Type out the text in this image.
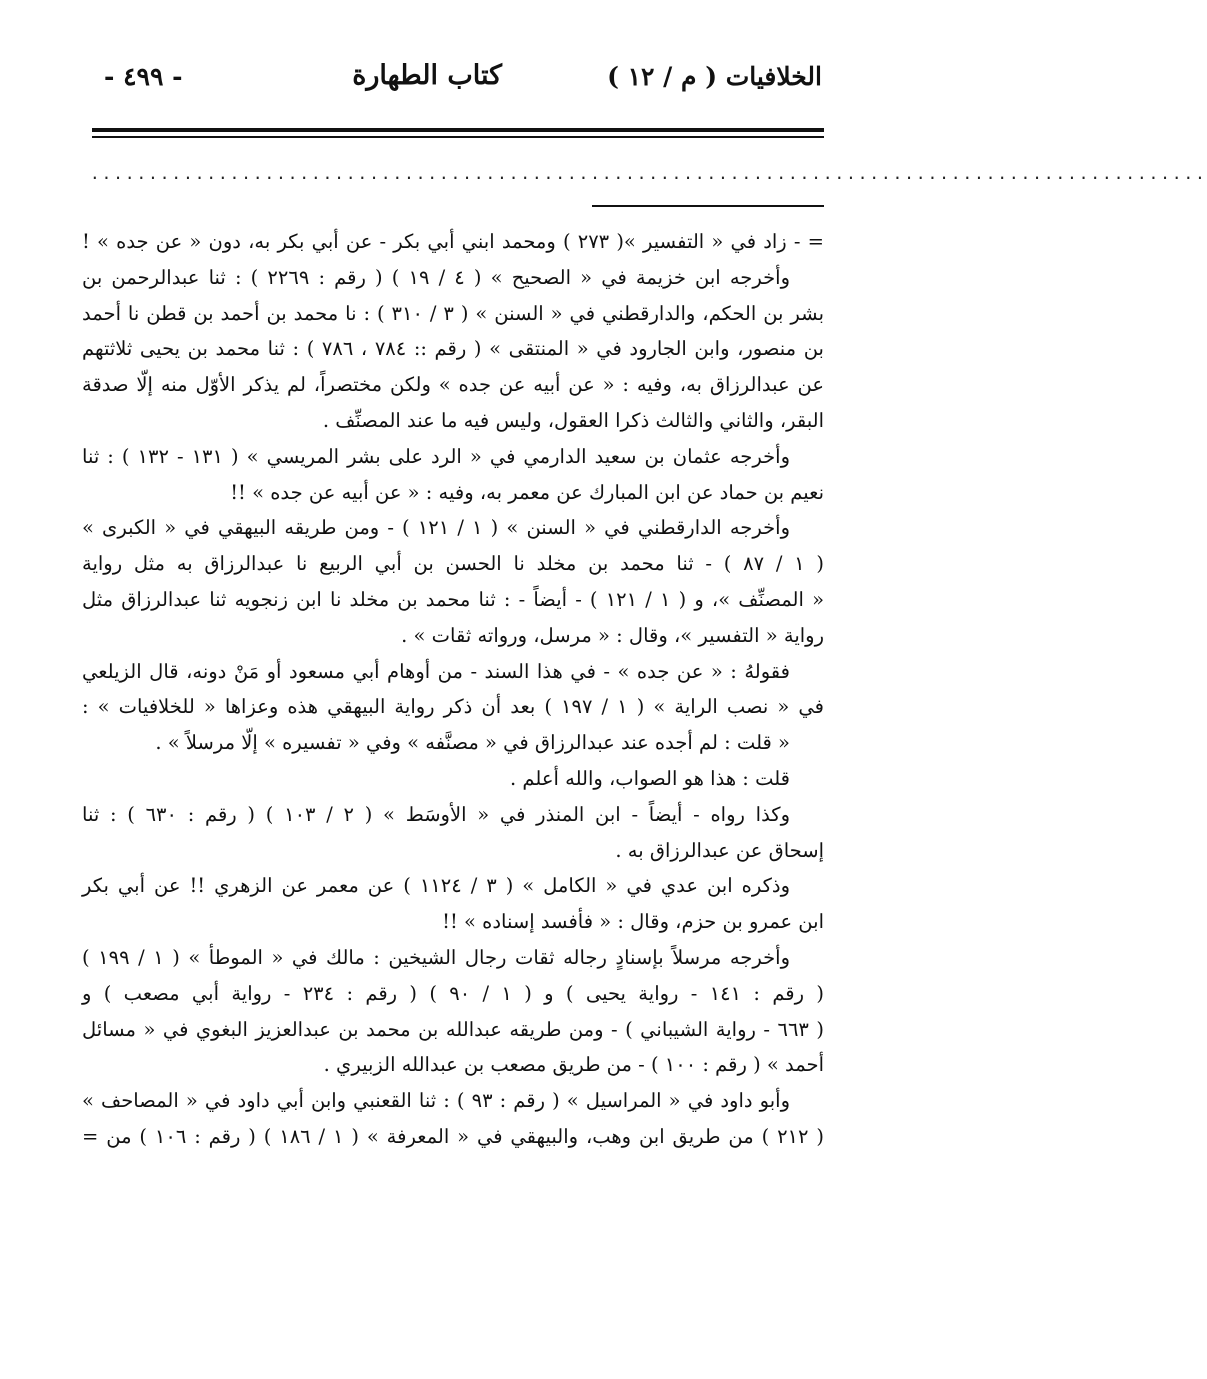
الخلافيات ( م / ١٢ )
كتاب الطهارة
- ٤٩٩ -
................................................................................................
= - زاد في « التفسير »( ٢٧٣ ) ومحمد ابني أبي بكر - عن أبي بكر به، دون « عن جده » !
وأخرجه ابن خزيمة في « الصحيح » ( ٤ / ١٩ ) ( رقم : ٢٢٦٩ ) : ثنا عبدالرحمن بن
بشر بن الحكم، والدارقطني في « السنن » ( ٣ / ٣١٠ ) : نا محمد بن أحمد بن قطن نا أحمد
بن منصور، وابن الجارود في « المنتقى » ( رقم :: ٧٨٤ ، ٧٨٦ ) : ثنا محمد بن يحيى ثلاثتهم
عن عبدالرزاق به، وفيه : « عن أبيه عن جده » ولكن مختصراً، لم يذكر الأوّل منه إلّا صدقة
البقر، والثاني والثالث ذكرا العقول، وليس فيه ما عند المصنِّف .
وأخرجه عثمان بن سعيد الدارمي في « الرد على بشر المريسي » ( ١٣١ - ١٣٢ ) : ثنا
نعيم بن حماد عن ابن المبارك عن معمر به، وفيه : « عن أبيه عن جده » !!
وأخرجه الدارقطني في « السنن » ( ١ / ١٢١ ) - ومن طريقه البيهقي في « الكبرى »
( ١ / ٨٧ ) - ثنا محمد بن مخلد نا الحسن بن أبي الربيع نا عبدالرزاق به مثل رواية
« المصنِّف »، و ( ١ / ١٢١ ) - أيضاً - : ثنا محمد بن مخلد نا ابن زنجويه ثنا عبدالرزاق مثل
رواية « التفسير »، وقال : « مرسل، ورواته ثقات » .
فقولهُ : « عن جده » - في هذا السند - من أوهام أبي مسعود أو مَنْ دونه، قال الزيلعي
في « نصب الراية » ( ١ / ١٩٧ ) بعد أن ذكر رواية البيهقي هذه وعزاها « للخلافيات » :
« قلت : لم أجده عند عبدالرزاق في « مصنَّفه » وفي « تفسيره » إلّا مرسلاً » .
قلت : هذا هو الصواب، والله أعلم .
وكذا رواه - أيضاً - ابن المنذر في « الأوسَط » ( ٢ / ١٠٣ ) ( رقم : ٦٣٠ ) : ثنا
إسحاق عن عبدالرزاق به .
وذكره ابن عدي في « الكامل » ( ٣ / ١١٢٤ ) عن معمر عن الزهري !! عن أبي بكر
ابن عمرو بن حزم، وقال : « فأفسد إسناده » !!
وأخرجه مرسلاً بإسنادٍ رجاله ثقات رجال الشيخين : مالك في « الموطأ » ( ١ / ١٩٩ )
( رقم : ١٤١ - رواية يحيى ) و ( ١ / ٩٠ ) ( رقم : ٢٣٤ - رواية أبي مصعب ) و
( ٦٦٣ - رواية الشيباني ) - ومن طريقه عبدالله بن محمد بن عبدالعزيز البغوي في « مسائل
أحمد » ( رقم : ١٠٠ ) - من طريق مصعب بن عبدالله الزبيري .
وأبو داود في « المراسيل » ( رقم : ٩٣ ) : ثنا القعنبي وابن أبي داود في « المصاحف »
( ٢١٢ ) من طريق ابن وهب، والبيهقي في « المعرفة » ( ١ / ١٨٦ ) ( رقم : ١٠٦ ) من =
